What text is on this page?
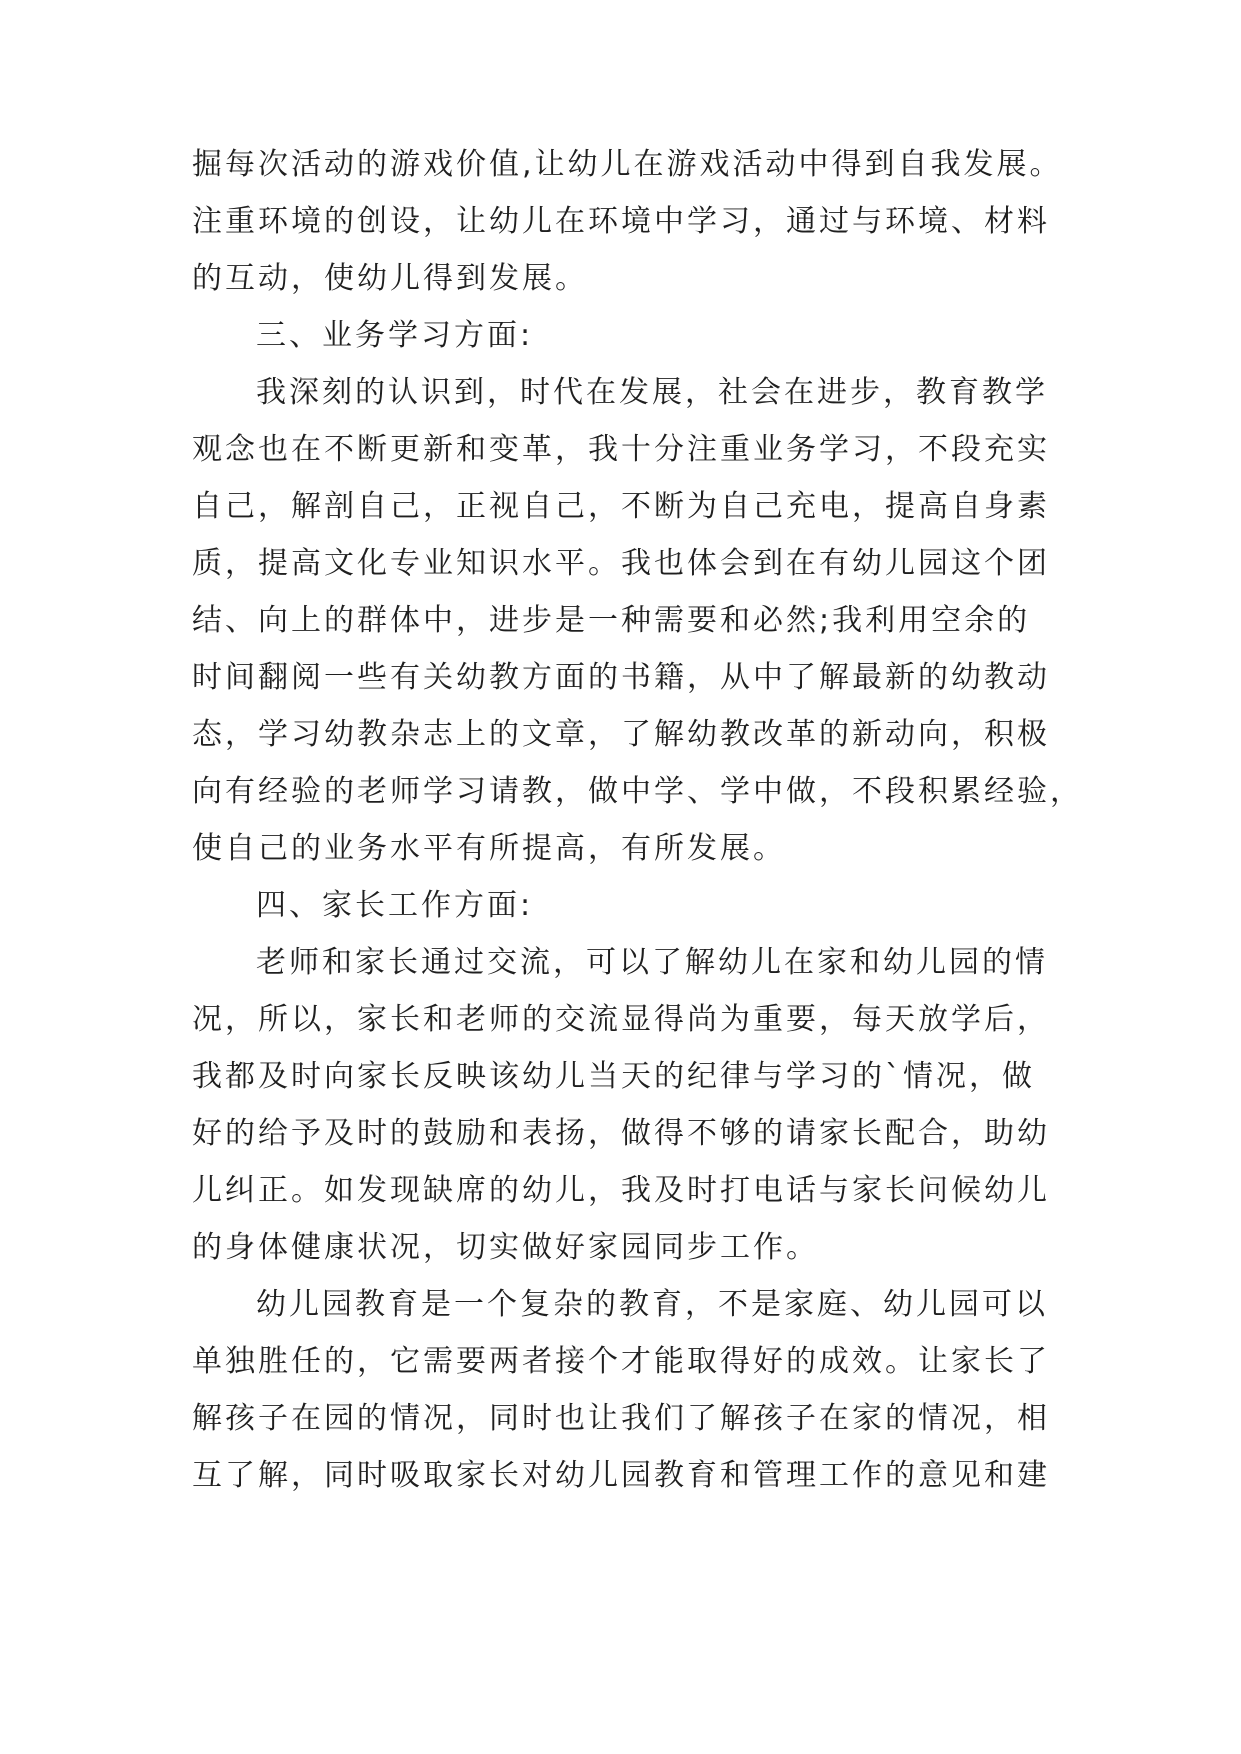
掘每次活动的游戏价值,让幼儿在游戏活动中得到自我发展。
注重环境的创设，让幼儿在环境中学习，通过与环境、材料
的互动，使幼儿得到发展。
三、业务学习方面:
我深刻的认识到，时代在发展，社会在进步，教育教学
观念也在不断更新和变革，我十分注重业务学习，不段充实
自己，解剖自己，正视自己，不断为自己充电，提高自身素
质，提高文化专业知识水平。我也体会到在有幼儿园这个团
结、向上的群体中，进步是一种需要和必然;我利用空余的
时间翻阅一些有关幼教方面的书籍，从中了解最新的幼教动
态，学习幼教杂志上的文章，了解幼教改革的新动向，积极
向有经验的老师学习请教，做中学、学中做，不段积累经验，
使自己的业务水平有所提高，有所发展。
四、家长工作方面:
老师和家长通过交流，可以了解幼儿在家和幼儿园的情
况，所以，家长和老师的交流显得尚为重要，每天放学后，
我都及时向家长反映该幼儿当天的纪律与学习的`情况，做
好的给予及时的鼓励和表扬，做得不够的请家长配合，助幼
儿纠正。如发现缺席的幼儿，我及时打电话与家长问候幼儿
的身体健康状况，切实做好家园同步工作。
幼儿园教育是一个复杂的教育，不是家庭、幼儿园可以
单独胜任的，它需要两者接个才能取得好的成效。让家长了
解孩子在园的情况，同时也让我们了解孩子在家的情况，相
互了解，同时吸取家长对幼儿园教育和管理工作的意见和建
